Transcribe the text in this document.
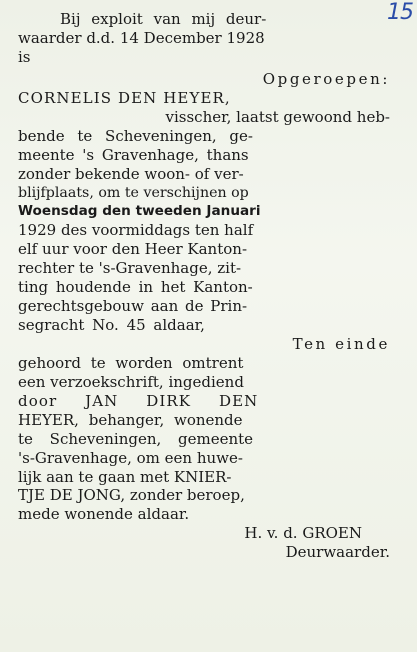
15
Bij exploit van mij deur-
waarder d.d. 14 December 1928
is
Opgeroepen:
CORNELIS DEN HEYER,
visscher, laatst gewoond heb-
bende te Scheveningen, ge-
meente 's Gravenhage, thans
zonder bekende woon- of ver-
blijfplaats, om te verschijnen op
Woensdag den tweeden Januari
1929 des voormiddags ten half
elf uur voor den Heer Kanton-
rechter te 's-Gravenhage, zit-
ting houdende in het Kanton-
gerechtsgebouw aan de Prin-
segracht No. 45 aldaar,
Ten einde
gehoord te worden omtrent
een verzoekschrift, ingediend
door JAN DIRK DEN
HEYER, behanger, wonende
te Scheveningen, gemeente
's-Gravenhage, om een huwe-
lijk aan te gaan met KNIER-
TJE DE JONG, zonder beroep,
mede wonende aldaar.
H. v. d. GROEN
Deurwaarder.
